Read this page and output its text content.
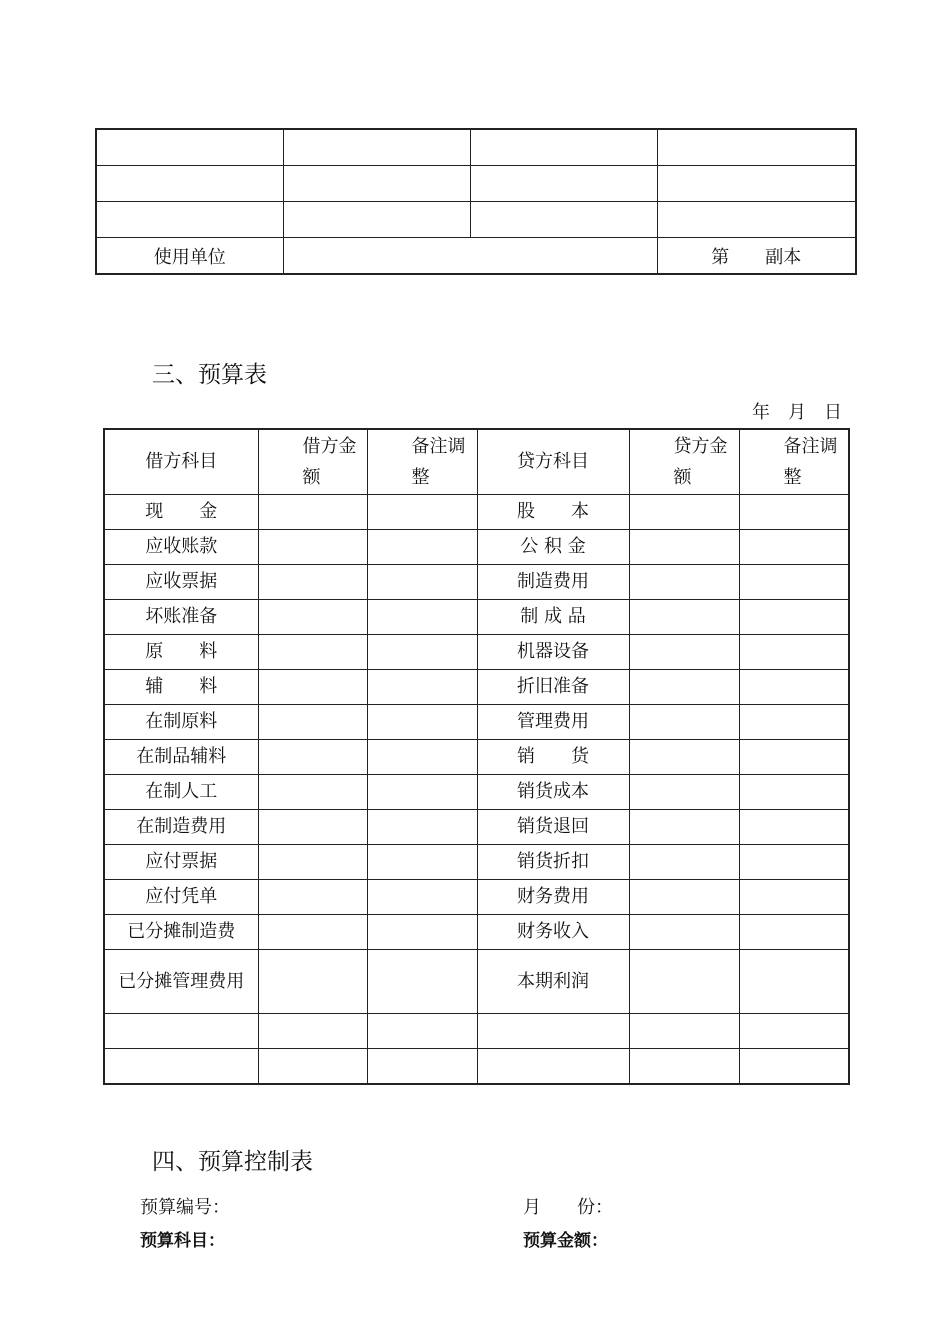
使用单位			第　　副本
三、预算表
年　月　日
借方科目	借方金额	备注调整	贷方科目	贷方金额	备注调整
现　　金			股　　本		
应收账款			公 积 金		
应收票据			制造费用		
坏账准备			制 成 品		
原　　料			机器设备		
辅　　料			折旧准备		
在制原料			管理费用		
在制品辅料			销　　货		
在制人工			销货成本		
在制造费用			销货退回		
应付票据			销货折扣		
应付凭单			财务费用		
已分摊制造费			财务收入		
已分摊管理费用			本期利润		

四、预算控制表
预算编号：	月　　份：
预算科目：	预算金额：
